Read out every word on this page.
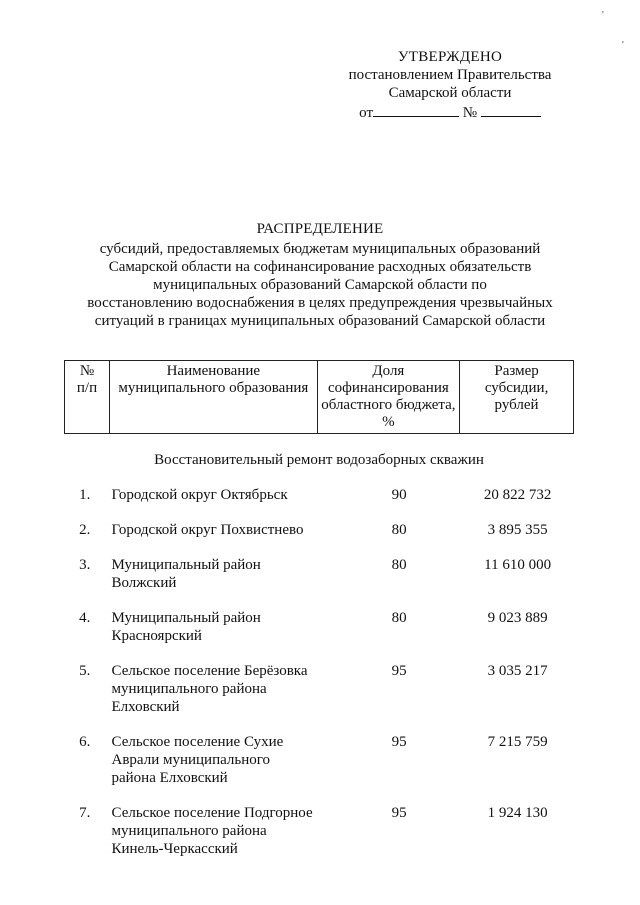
УТВЕРЖДЕНО
постановлением Правительства
Самарской области
от	№
РАСПРЕДЕЛЕНИЕ
субсидий, предоставляемых бюджетам муниципальных образований
Самарской области на софинансирование расходных обязательств
муниципальных образований Самарской области по
восстановлению водоснабжения в целях предупреждения чрезвычайных
ситуаций в границах муниципальных образований Самарской области
№
п/п

Наименование
муниципального образования

Доля
софинансирования
областного бюджета,
%

Размер
субсидии,
рублей
Восстановительный ремонт водозаборных скважин
1.	Городской округ Октябрьск	90	20 822 732
2.	Городской округ Похвистнево	80	3 895 355
3.	Муниципальный район
Волжский
80	11 610 000
4.	Муниципальный район
Красноярский
80	9 023 889
5.	Сельское поселение Берёзовка
муниципального района
Елховский
95	3 035 217
6.	Сельское поселение Сухие
Аврали муниципального
района Елховский
95	7 215 759
7.	Сельское поселение Подгорное
муниципального района
Кинель-Черкасский
95	1 924 130
'
'
